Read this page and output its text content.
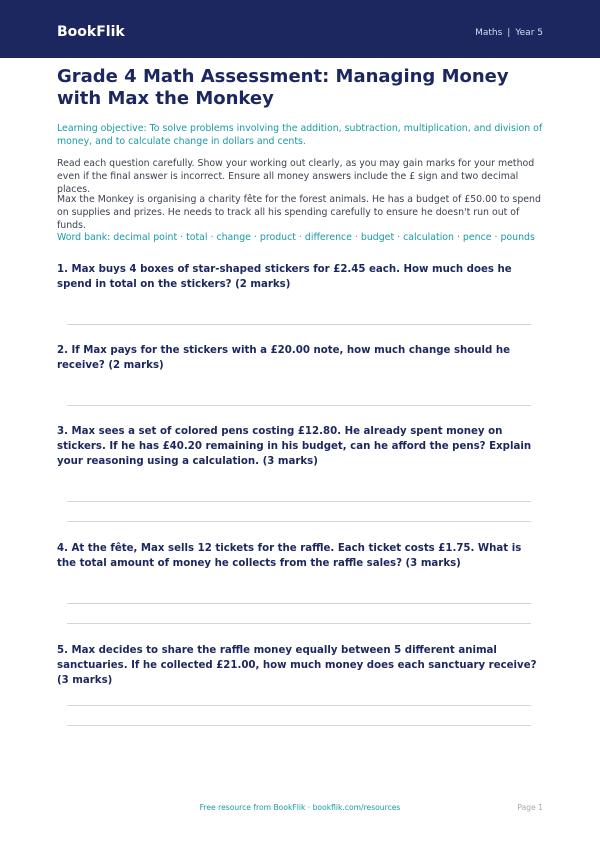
BookFlik	Maths | Year 5
Grade 4 Math Assessment: Managing Money with Max the Monkey

Learning objective: To solve problems involving the addition, subtraction, multiplication, and division of money, and to calculate change in dollars and cents.

Read each question carefully. Show your working out clearly, as you may gain marks for your method even if the final answer is incorrect. Ensure all money answers include the £ sign and two decimal places.

Max the Monkey is organising a charity fête for the forest animals. He has a budget of £50.00 to spend on supplies and prizes. He needs to track all his spending carefully to ensure he doesn't run out of funds.

Word bank: decimal point · total · change · product · difference · budget · calculation · pence · pounds

1. Max buys 4 boxes of star-shaped stickers for £2.45 each. How much does he spend in total on the stickers? (2 marks)

2. If Max pays for the stickers with a £20.00 note, how much change should he receive? (2 marks)

3. Max sees a set of colored pens costing £12.80. He already spent money on stickers. If he has £40.20 remaining in his budget, can he afford the pens? Explain your reasoning using a calculation. (3 marks)

4. At the fête, Max sells 12 tickets for the raffle. Each ticket costs £1.75. What is the total amount of money he collects from the raffle sales? (3 marks)

5. Max decides to share the raffle money equally between 5 different animal sanctuaries. If he collected £21.00, how much money does each sanctuary receive? (3 marks)

Free resource from BookFlik · bookflik.com/resources	Page 1
